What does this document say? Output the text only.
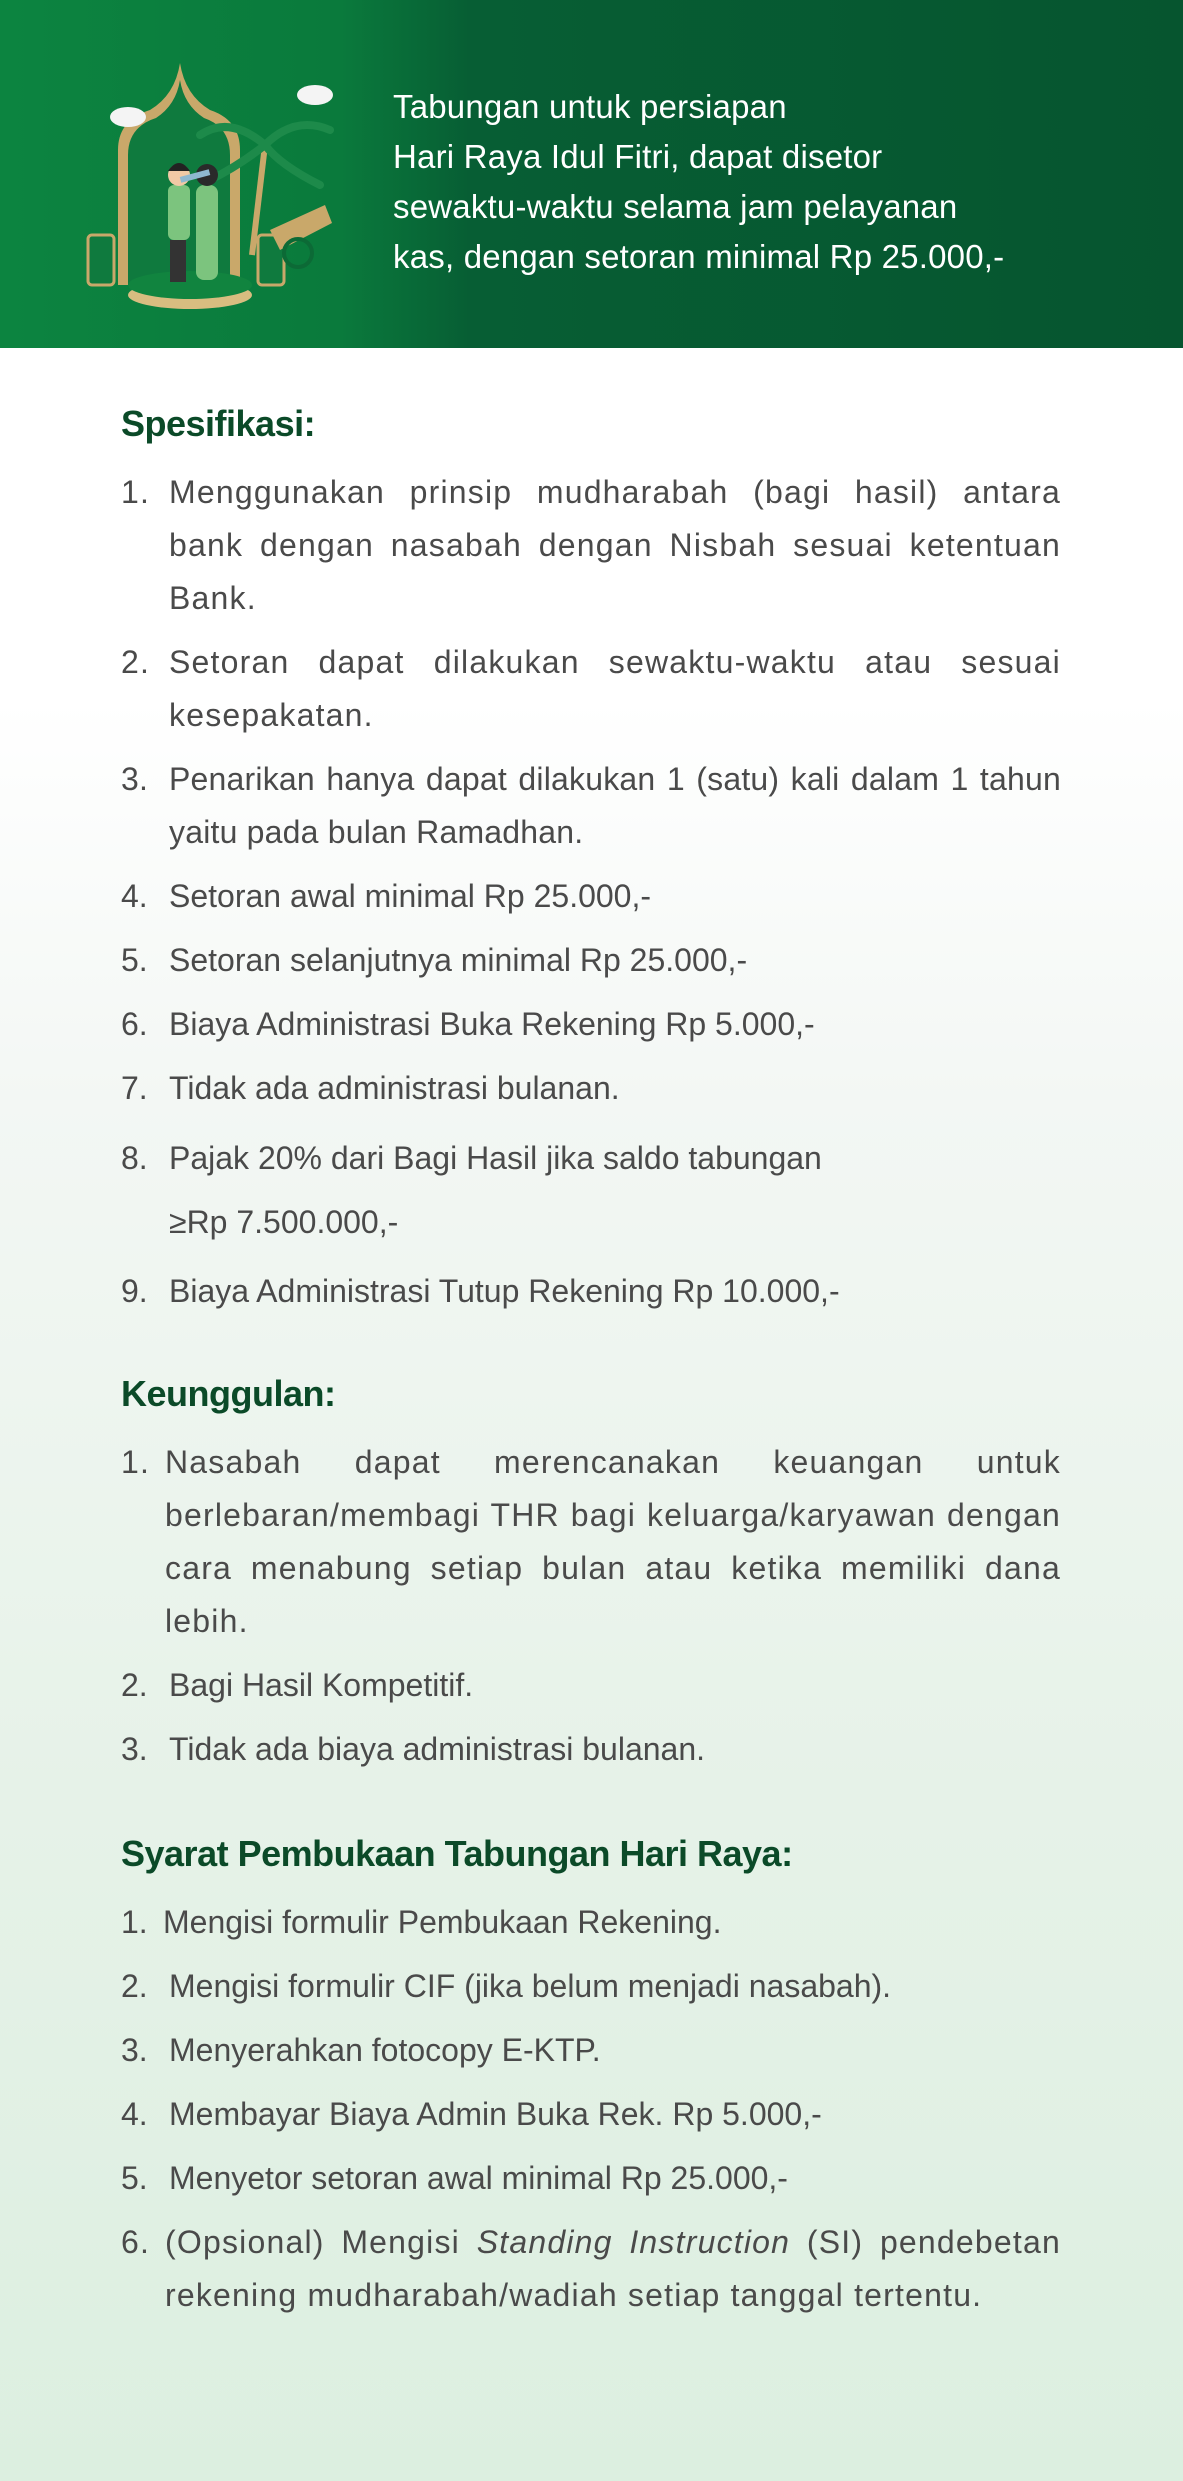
Tabungan untuk persiapan
Hari Raya Idul Fitri, dapat disetor
sewaktu-waktu selama jam pelayanan
kas, dengan setoran minimal Rp 25.000,-
Spesifikasi:
1. Menggunakan prinsip mudharabah (bagi hasil) antara bank dengan nasabah dengan Nisbah sesuai ketentuan Bank.
2. Setoran dapat dilakukan sewaktu-waktu atau sesuai kesepakatan.
3. Penarikan hanya dapat dilakukan 1 (satu) kali dalam 1 tahun yaitu pada bulan Ramadhan.
4. Setoran awal minimal Rp 25.000,-
5. Setoran selanjutnya minimal Rp 25.000,-
6. Biaya Administrasi Buka Rekening Rp 5.000,-
7. Tidak ada administrasi bulanan.
8. Pajak 20% dari Bagi Hasil jika saldo tabungan
≥Rp 7.500.000,-
9. Biaya Administrasi Tutup Rekening Rp 10.000,-
Keunggulan:
1. Nasabah dapat merencanakan keuangan untuk berlebaran/membagi THR bagi keluarga/karyawan dengan cara menabung setiap bulan atau ketika memiliki dana lebih.
2. Bagi Hasil Kompetitif.
3. Tidak ada biaya administrasi bulanan.
Syarat Pembukaan Tabungan Hari Raya:
1. Mengisi formulir Pembukaan Rekening.
2. Mengisi formulir CIF (jika belum menjadi nasabah).
3. Menyerahkan fotocopy E-KTP.
4. Membayar Biaya Admin Buka Rek. Rp 5.000,-
5. Menyetor setoran awal minimal Rp 25.000,-
6. (Opsional) Mengisi Standing Instruction (SI) pendebetan rekening mudharabah/wadiah setiap tanggal tertentu.
